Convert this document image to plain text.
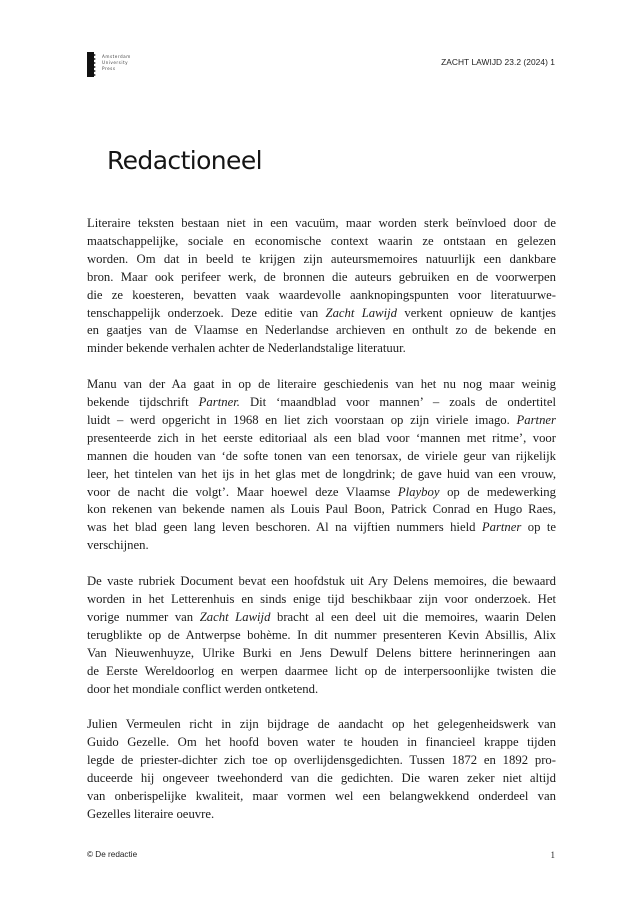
Amsterdam
University
Press
ZACHT LAWIJD 23.2 (2024) 1
Redactioneel

Literaire teksten bestaan niet in een vacuüm, maar worden sterk beïnvloed door de
maatschappelijke, sociale en economische context waarin ze ontstaan en gelezen
worden. Om dat in beeld te krijgen zijn auteursmemoires natuurlijk een dankbare
bron. Maar ook perifeer werk, de bronnen die auteurs gebruiken en de voorwerpen
die ze koesteren, bevatten vaak waardevolle aanknopingspunten voor literatuurwe-
tenschappelijk onderzoek. Deze editie van Zacht Lawijd verkent opnieuw de kantjes
en gaatjes van de Vlaamse en Nederlandse archieven en onthult zo de bekende en
minder bekende verhalen achter de Nederlandstalige literatuur.

Manu van der Aa gaat in op de literaire geschiedenis van het nu nog maar weinig
bekende tijdschrift Partner. Dit ‘maandblad voor mannen’ – zoals de ondertitel
luidt – werd opgericht in 1968 en liet zich voorstaan op zijn viriele imago. Partner
presenteerde zich in het eerste editoriaal als een blad voor ‘mannen met ritme’, voor
mannen die houden van ‘de softe tonen van een tenorsax, de viriele geur van rijkelijk
leer, het tintelen van het ijs in het glas met de longdrink; de gave huid van een vrouw,
voor de nacht die volgt’. Maar hoewel deze Vlaamse Playboy op de medewerking
kon rekenen van bekende namen als Louis Paul Boon, Patrick Conrad en Hugo Raes,
was het blad geen lang leven beschoren. Al na vijftien nummers hield Partner op te
verschijnen.

De vaste rubriek Document bevat een hoofdstuk uit Ary Delens memoires, die bewaard
worden in het Letterenhuis en sinds enige tijd beschikbaar zijn voor onderzoek. Het
vorige nummer van Zacht Lawijd bracht al een deel uit die memoires, waarin Delen
terugblikte op de Antwerpse bohème. In dit nummer presenteren Kevin Absillis, Alix
Van Nieuwenhuyze, Ulrike Burki en Jens Dewulf Delens bittere herinneringen aan
de Eerste Wereldoorlog en werpen daarmee licht op de interpersoonlijke twisten die
door het mondiale conflict werden ontketend.

Julien Vermeulen richt in zijn bijdrage de aandacht op het gelegenheidswerk van
Guido Gezelle. Om het hoofd boven water te houden in financieel krappe tijden
legde de priester-dichter zich toe op overlijdensgedichten. Tussen 1872 en 1892 pro-
duceerde hij ongeveer tweehonderd van die gedichten. Die waren zeker niet altijd
van onberispelijke kwaliteit, maar vormen wel een belangwekkend onderdeel van
Gezelles literaire oeuvre.

© De redactie	1
